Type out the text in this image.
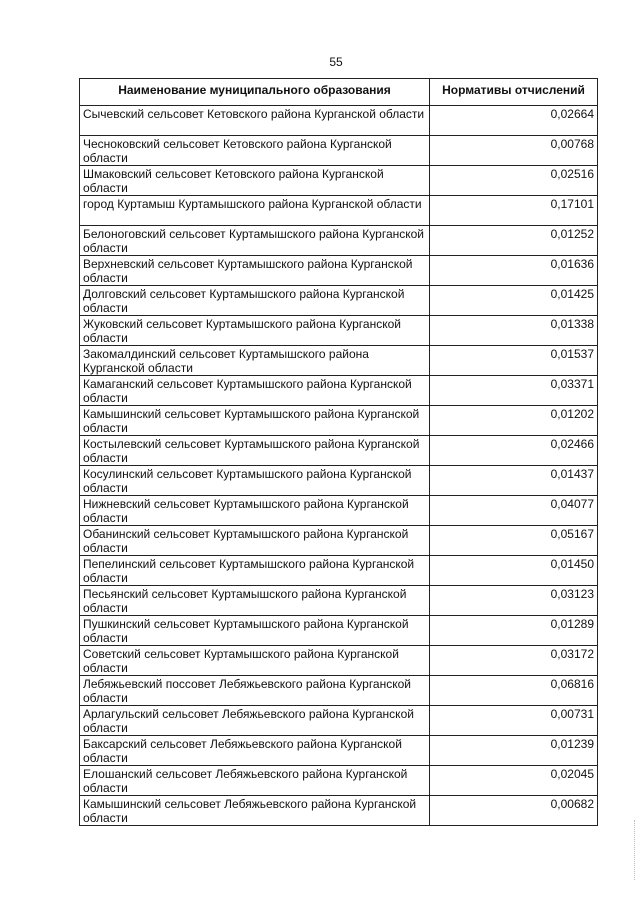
55
Наименование муниципального образования	Нормативы отчислений
Сычевский сельсовет Кетовского района Курганской области	0,02664
Чесноковский сельсовет Кетовского района Курганской области	0,00768
Шмаковский сельсовет Кетовского района Курганской области	0,02516
город Куртамыш Куртамышского района Курганской области	0,17101
Белоноговский сельсовет Куртамышского района Курганской области	0,01252
Верхневский сельсовет Куртамышского района Курганской области	0,01636
Долговский сельсовет Куртамышского района Курганской области	0,01425
Жуковский сельсовет Куртамышского района Курганской области	0,01338
Закомалдинский сельсовет Куртамышского района Курганской области	0,01537
Камаганский сельсовет Куртамышского района Курганской области	0,03371
Камышинский сельсовет Куртамышского района Курганской области	0,01202
Костылевский сельсовет Куртамышского района Курганской области	0,02466
Косулинский сельсовет Куртамышского района Курганской области	0,01437
Нижневский сельсовет Куртамышского района Курганской области	0,04077
Обанинский сельсовет Куртамышского района Курганской области	0,05167
Пепелинский сельсовет Куртамышского района Курганской области	0,01450
Песьянский сельсовет Куртамышского района Курганской области	0,03123
Пушкинский сельсовет Куртамышского района Курганской области	0,01289
Советский сельсовет Куртамышского района Курганской области	0,03172
Лебяжьевский поссовет Лебяжьевского района Курганской области	0,06816
Арлагульский сельсовет Лебяжьевского района Курганской области	0,00731
Баксарский сельсовет Лебяжьевского района Курганской области	0,01239
Елошанский сельсовет Лебяжьевского района Курганской области	0,02045
Камышинский сельсовет Лебяжьевского района Курганской области	0,00682
